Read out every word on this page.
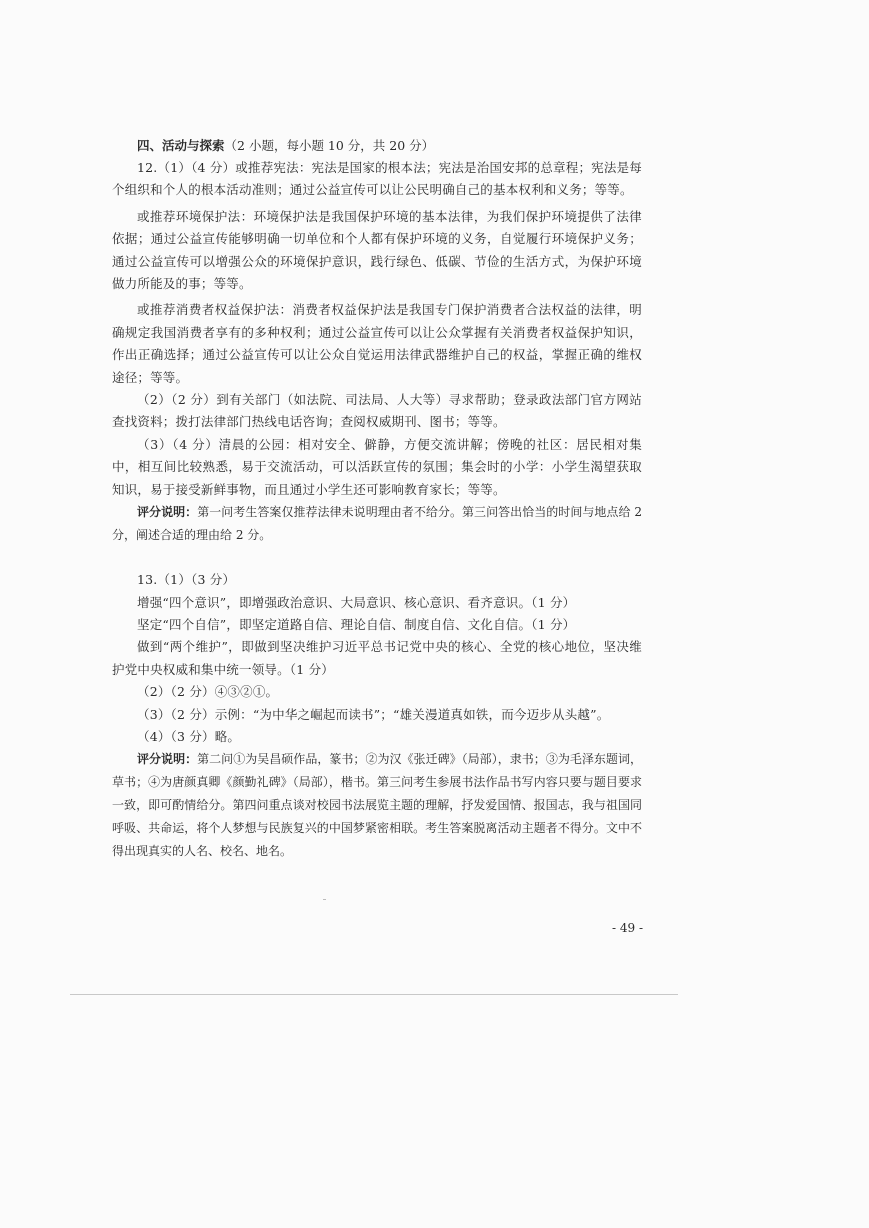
四、活动与探索（2 小题，每小题 10 分，共 20 分）

12.（1）（4 分）或推荐宪法：宪法是国家的根本法；宪法是治国安邦的总章程；宪法是每个组织和个人的根本活动准则；通过公益宣传可以让公民明确自己的基本权利和义务；等等。

或推荐环境保护法：环境保护法是我国保护环境的基本法律，为我们保护环境提供了法律依据；通过公益宣传能够明确一切单位和个人都有保护环境的义务，自觉履行环境保护义务；通过公益宣传可以增强公众的环境保护意识，践行绿色、低碳、节俭的生活方式，为保护环境做力所能及的事；等等。

或推荐消费者权益保护法：消费者权益保护法是我国专门保护消费者合法权益的法律，明确规定我国消费者享有的多种权利；通过公益宣传可以让公众掌握有关消费者权益保护知识，作出正确选择；通过公益宣传可以让公众自觉运用法律武器维护自己的权益，掌握正确的维权途径；等等。

（2）（2 分）到有关部门（如法院、司法局、人大等）寻求帮助；登录政法部门官方网站查找资料；拨打法律部门热线电话咨询；查阅权威期刊、图书；等等。

（3）（4 分）清晨的公园：相对安全、僻静，方便交流讲解；傍晚的社区：居民相对集中，相互间比较熟悉，易于交流活动，可以活跃宣传的氛围；集会时的小学：小学生渴望获取知识，易于接受新鲜事物，而且通过小学生还可影响教育家长；等等。

评分说明：第一问考生答案仅推荐法律未说明理由者不给分。第三问答出恰当的时间与地点给 2 分，阐述合适的理由给 2 分。

13.（1）（3 分）

增强“四个意识”，即增强政治意识、大局意识、核心意识、看齐意识。（1 分）

坚定“四个自信”，即坚定道路自信、理论自信、制度自信、文化自信。（1 分）

做到“两个维护”，即做到坚决维护习近平总书记党中央的核心、全党的核心地位，坚决维护党中央权威和集中统一领导。（1 分）

（2）（2 分）④③②①。

（3）（2 分）示例：“为中华之崛起而读书”；“雄关漫道真如铁，而今迈步从头越”。

（4）（3 分）略。

评分说明：第二问①为吴昌硕作品，篆书；②为汉《张迁碑》（局部），隶书；③为毛泽东题词，草书；④为唐颜真卿《颜勤礼碑》（局部），楷书。第三问考生参展书法作品书写内容只要与题目要求一致，即可酌情给分。第四问重点谈对校园书法展览主题的理解，抒发爱国情、报国志，我与祖国同呼吸、共命运，将个人梦想与民族复兴的中国梦紧密相联。考生答案脱离活动主题者不得分。文中不得出现真实的人名、校名、地名。

- 49 -
